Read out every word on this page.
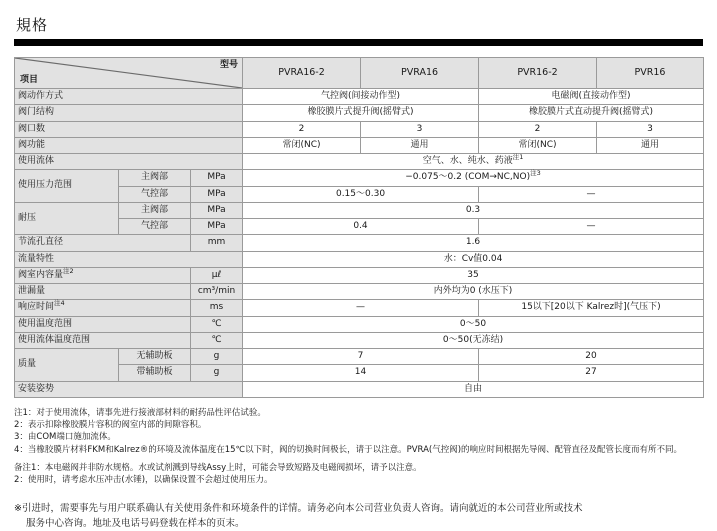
規格
型号
项目			PVRA16-2	PVRA16	PVR16-2	PVR16
阀动作方式			气控阀(间接动作型)		电磁阀(直接动作型)	
阀门结构			橡胶膜片式提升阀(摇臂式)		橡胶膜片式直动提升阀(摇臂式)	
阀口数			2	3	2	3
阀功能			常闭(NC)	通用	常闭(NC)	通用
使用流体			空气、水、纯水、药液$^{注1}$
使用压力范围	主阀部	MPa	−0.075〜0.2 $(COM\to NC,NO)^{注3}$
	气控部	MPa	0.15〜0.30		—	
耐压	主阀部	MPa	0.3			
	气控部	MPa	0.4		—	
节流孔直径		mm	1.6			
流量特性			水：Cv值0.04			
阀室内容量$^{注2}$		µℓ	35			
泄漏量		cm³/min	内外均为0 (水压下)			
响应时间$^{注4}$		ms	—		15以下[20以下 Kalrez时](气压下)	
使用温度范围		℃	0〜50			
使用流体温度范围		℃	0〜50(无冻结)			
质量	无辅助板	g	7		20	
	带辅助板	g	14		27	
安装姿势			自由			
注1： 对于使用流体，请事先进行接液部材料的耐药品性评估试验。
2： 表示扣除橡胶膜片容积的阀室内部的间隙容积。
3： 由COM端口施加流体。
4： 当橡胶膜片材料FKM和Kalrez®的环境及流体温度在15℃以下时，阀的切换时间极长，请于以注意。PVRA(气控阀)的响应时间根据先导阀、配管直径及配管长度而有所不同。
备注1： 本电磁阀并非防水规格。水或试剂溅到导线Assy上时，可能会导致短路及电磁阀损坏，请予以注意。
2： 使用时，请考虑水压冲击(水锤)，以确保设置不会超过使用压力。
※引进时，需要事先与用户联系确认有关使用条件和环境条件的详情。请务必向本公司营业负责人咨询。请向就近的本公司营业所或技术
服务中心咨询。地址及电话号码登载在样本的页末。
